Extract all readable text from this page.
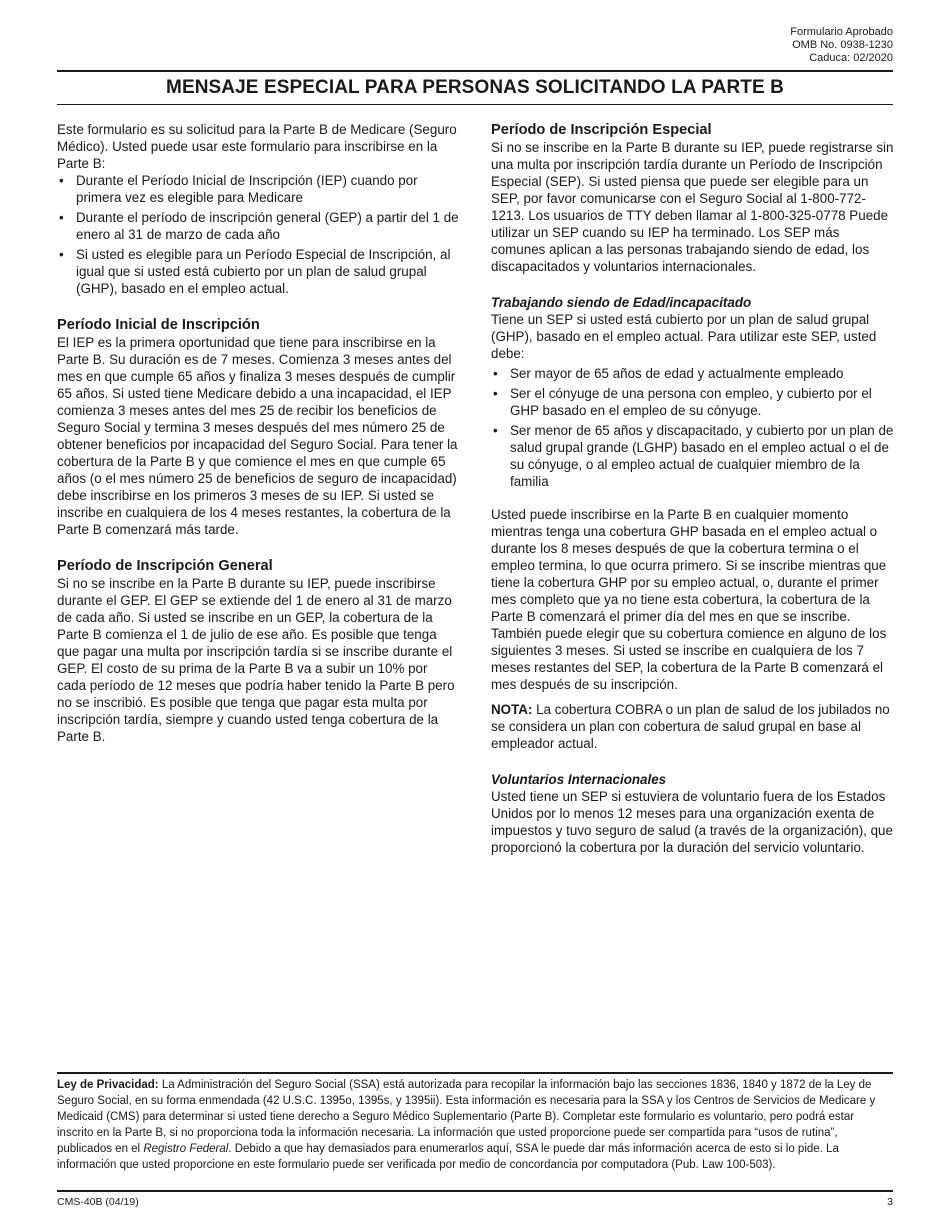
Formulario Aprobado
OMB No. 0938-1230
Caduca: 02/2020
MENSAJE ESPECIAL PARA PERSONAS SOLICITANDO LA PARTE B

Este formulario es su solicitud para la Parte B de Medicare (Seguro Médico). Usted puede usar este formulario para inscribirse en la Parte B:

• Durante el Período Inicial de Inscripción (IEP) cuando por primera vez es elegible para Medicare
• Durante el período de inscripción general (GEP) a partir del 1 de enero al 31 de marzo de cada año
• Si usted es elegible para un Período Especial de Inscripción, al igual que si usted está cubierto por un plan de salud grupal (GHP), basado en el empleo actual.

Período Inicial de Inscripción

El IEP es la primera oportunidad que tiene para inscribirse en la Parte B. Su duración es de 7 meses. Comienza 3 meses antes del mes en que cumple 65 años y finaliza 3 meses después de cumplir 65 años. Si usted tiene Medicare debido a una incapacidad, el IEP comienza 3 meses antes del mes 25 de recibir los beneficios de Seguro Social y termina 3 meses después del mes número 25 de obtener beneficios por incapacidad del Seguro Social. Para tener la cobertura de la Parte B y que comience el mes en que cumple 65 años (o el mes número 25 de beneficios de seguro de incapacidad) debe inscribirse en los primeros 3 meses de su IEP. Si usted se inscribe en cualquiera de los 4 meses restantes, la cobertura de la Parte B comenzará más tarde.

Período de Inscripción General

Si no se inscribe en la Parte B durante su IEP, puede inscribirse durante el GEP. El GEP se extiende del 1 de enero al 31 de marzo de cada año. Si usted se inscribe en un GEP, la cobertura de la Parte B comienza el 1 de julio de ese año. Es posible que tenga que pagar una multa por inscripción tardía si se inscribe durante el GEP. El costo de su prima de la Parte B va a subir un 10% por cada período de 12 meses que podría haber tenido la Parte B pero no se inscribió. Es posible que tenga que pagar esta multa por inscripción tardía, siempre y cuando usted tenga cobertura de la Parte B.

Período de Inscripción Especial

Si no se inscribe en la Parte B durante su IEP, puede registrarse sin una multa por inscripción tardía durante un Período de Inscripción Especial (SEP). Si usted piensa que puede ser elegible para un SEP, por favor comunicarse con el Seguro Social al 1-800-772-1213. Los usuarios de TTY deben llamar al 1-800-325-0778 Puede utilizar un SEP cuando su IEP ha terminado. Los SEP más comunes aplican a las personas trabajando siendo de edad, los discapacitados y voluntarios internacionales.

Trabajando siendo de Edad/incapacitado

Tiene un SEP si usted está cubierto por un plan de salud grupal (GHP), basado en el empleo actual. Para utilizar este SEP, usted debe:

• Ser mayor de 65 años de edad y actualmente empleado
• Ser el cónyuge de una persona con empleo, y cubierto por el GHP basado en el empleo de su cónyuge.
• Ser menor de 65 años y discapacitado, y cubierto por un plan de salud grupal grande (LGHP) basado en el empleo actual o el de su cónyuge, o al empleo actual de cualquier miembro de la familia

Usted puede inscribirse en la Parte B en cualquier momento mientras tenga una cobertura GHP basada en el empleo actual o durante los 8 meses después de que la cobertura termina o el empleo termina, lo que ocurra primero. Si se inscribe mientras que tiene la cobertura GHP por su empleo actual, o, durante el primer mes completo que ya no tiene esta cobertura, la cobertura de la Parte B comenzará el primer día del mes en que se inscribe. También puede elegir que su cobertura comience en alguno de los siguientes 3 meses. Si usted se inscribe en cualquiera de los 7 meses restantes del SEP, la cobertura de la Parte B comenzará el mes después de su inscripción.

NOTA: La cobertura COBRA o un plan de salud de los jubilados no se considera un plan con cobertura de salud grupal en base al empleador actual.

Voluntarios Internacionales

Usted tiene un SEP si estuviera de voluntario fuera de los Estados Unidos por lo menos 12 meses para una organización exenta de impuestos y tuvo seguro de salud (a través de la organización), que proporcionó la cobertura por la duración del servicio voluntario.

Ley de Privacidad: La Administración del Seguro Social (SSA) está autorizada para recopilar la información bajo las secciones 1836, 1840 y 1872 de la Ley de Seguro Social, en su forma enmendada (42 U.S.C. 1395o, 1395s, y 1395ii). Esta información es necesaria para la SSA y los Centros de Servicios de Medicare y Medicaid (CMS) para determinar si usted tiene derecho a Seguro Médico Suplementario (Parte B). Completar este formulario es voluntario, pero podrá estar inscrito en la Parte B, si no proporciona toda la información necesaria. La información que usted proporcione puede ser compartida para “usos de rutina”, publicados en el Registro Federal. Debido a que hay demasiados para enumerarlos aquí, SSA le puede dar más información acerca de esto si lo pide. La información que usted proporcione en este formulario puede ser verificada por medio de concordancia por computadora (Pub. Law 100-503).
CMS-40B (04/19)	3
